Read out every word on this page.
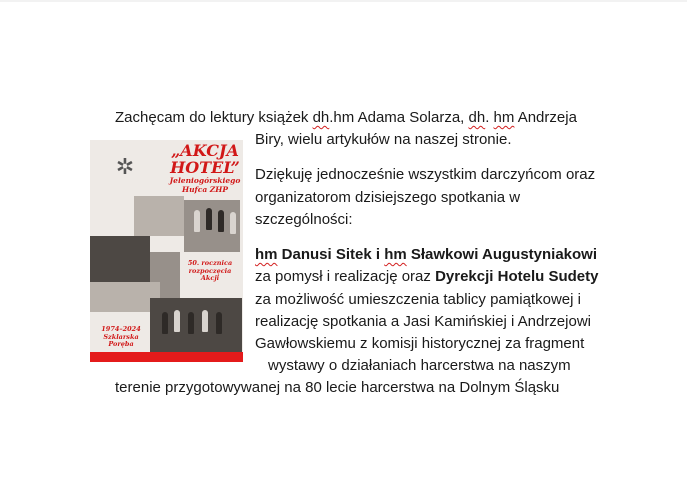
✲
„AKCJA
HOTEL”
Jeleniogórskiego
Hufca ZHP
50. rocznica
rozpoczęcia
Akcji
1974–2024
Szklarska Poręba
Zachęcam do lektury książek dh.hm Adama Solarza, dh. hm Andrzeja
Biry, wielu artykułów na naszej stronie.
Dziękuję jednocześnie wszystkim darczyńcom oraz
organizatorom dzisiejszego spotkania w
szczególności:
hm Danusi Sitek i hm Sławkowi Augustyniakowi
za pomysł i realizację oraz Dyrekcji Hotelu Sudety
za możliwość umieszczenia tablicy pamiątkowej i
realizację spotkania a Jasi Kamińskiej i Andrzejowi
Gawłowskiemu z komisji historycznej za fragment
wystawy o działaniach harcerstwa na naszym
terenie przygotowywanej na 80 lecie harcerstwa na Dolnym Śląsku
